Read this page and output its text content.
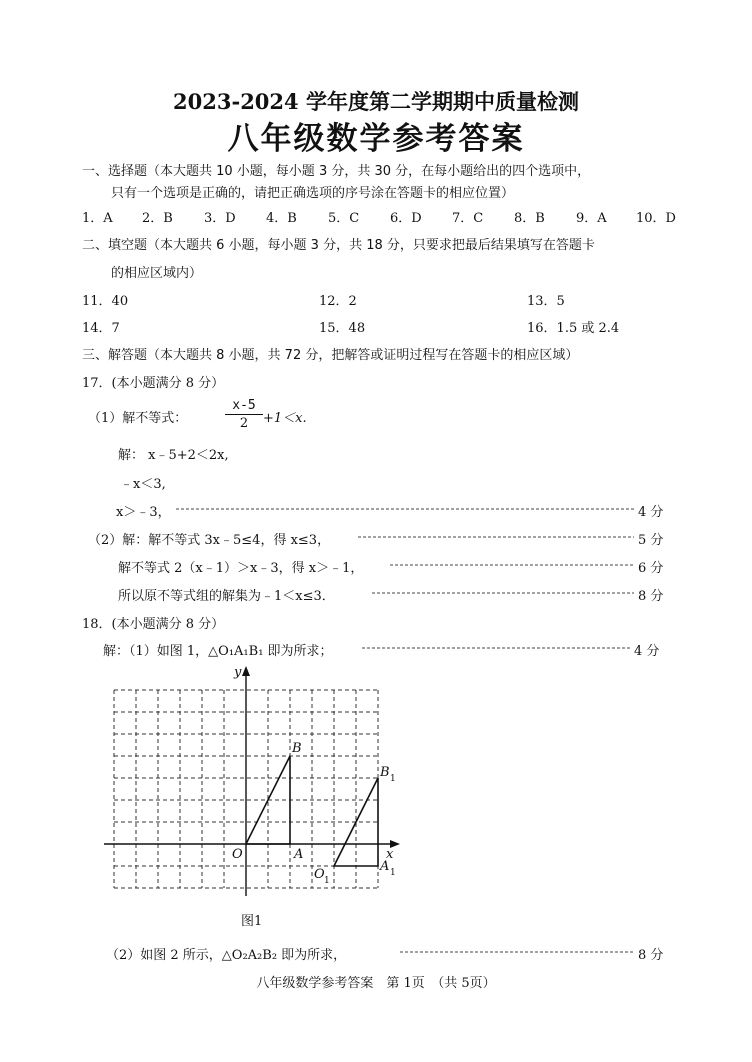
2023-2024 学年度第二学期期中质量检测
八年级数学参考答案
一、选择题（本大题共 10 小题，每小题 3 分，共 30 分，在每小题给出的四个选项中，
只有一个选项是正确的，请把正确选项的序号涂在答题卡的相应位置）
1．A 2．B 3．D 4．B 5．C 6．D 7．C 8．B 9．A 10．D
二、填空题（本大题共 6 小题，每小题 3 分，共 18 分，只要求把最后结果填写在答题卡
的相应区域内）
11．40	12．2	13．5
14．7	15．48	16．1.5 或 2.4
三、解答题（本大题共 8 小题，共 72 分，把解答或证明过程写在答题卡的相应区域）
17．(本小题满分 8 分）
（1）解不等式：	$\frac{x-5}{2} +1<x$.
解： x﹣5+2＜2x,
﹣x＜3,
x＞﹣3，	4 分
（2）解：解不等式 3x﹣5≤4，得 x≤3，	5 分
解不等式 2（x﹣1）＞x﹣3，得 x＞﹣1，	6 分
所以原不等式组的解集为﹣1＜x≤3．	8 分
18．(本小题满分 8 分）
解：（1）如图 1，△O₁A₁B₁ 即为所求；	4 分
y
x
O	A
B
O 1
A 1
B 1
图1
（2）如图 2 所示，△O₂A₂B₂ 即为所求，	8 分
八年级数学参考答案　第 1页　（共 5页）
